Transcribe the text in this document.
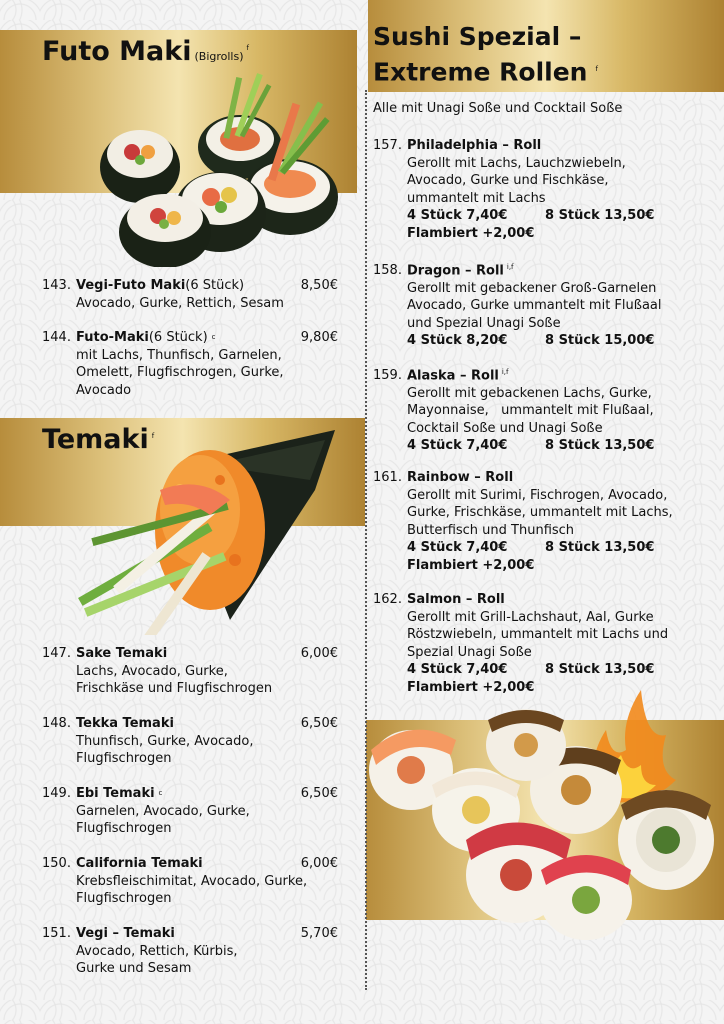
Futo Maki (Bigrolls)$^f$
143. Vegi-Futo Maki (6 Stück)	8,50€
Avocado, Gurke, Rettich, Sesam
144. Futo-Maki (6 Stück) c	9,80€
mit Lachs, Thunfisch, Garnelen,
Omelett, Flugfischrogen, Gurke,
Avocado
Temaki $^f$
147. Sake Temaki	6,00€
Lachs, Avocado, Gurke,
Frischkäse und Flugfischrogen
148. Tekka Temaki	6,50€
Thunfisch, Gurke, Avocado,
Flugfischrogen
149. Ebi Temaki c	6,50€
Garnelen, Avocado, Gurke,
Flugfischrogen
150. California Temaki	6,00€
Krebsfleischimitat, Avocado, Gurke,
Flugfischrogen
151. Vegi – Temaki	5,70€
Avocado, Rettich, Kürbis,
Gurke und Sesam
Sushi Spezial –
Extreme Rollen $^f$
Alle mit Unagi Soße und Cocktail Soße
157. Philadelphia – Roll
Gerollt mit Lachs, Lauchzwiebeln,
Avocado, Gurke und Fischkäse,
ummantelt mit Lachs
4 Stück 7,40€	8 Stück 13,50€
Flambiert +2,00€
158. Dragon – Roll $^{i,f}$
Gerollt mit gebackener Groß-Garnelen
Avocado, Gurke ummantelt mit Flußaal
und Spezial Unagi Soße
4 Stück 8,20€	8 Stück 15,00€
159. Alaska – Roll $^{i,f}$
Gerollt mit gebackenen Lachs, Gurke,
Mayonnaise,   ummantelt mit Flußaal,
Cocktail Soße und Unagi Soße
4 Stück 7,40€	8 Stück 13,50€
161. Rainbow – Roll
Gerollt mit Surimi, Fischrogen, Avocado,
Gurke, Frischkäse, ummantelt mit Lachs,
Butterfisch und Thunfisch
4 Stück 7,40€	8 Stück 13,50€
Flambiert +2,00€
162. Salmon – Roll
Gerollt mit Grill-Lachshaut, Aal, Gurke
Röstzwiebeln, ummantelt mit Lachs und
Spezial Unagi Soße
4 Stück 7,40€	8 Stück 13,50€
Flambiert +2,00€
